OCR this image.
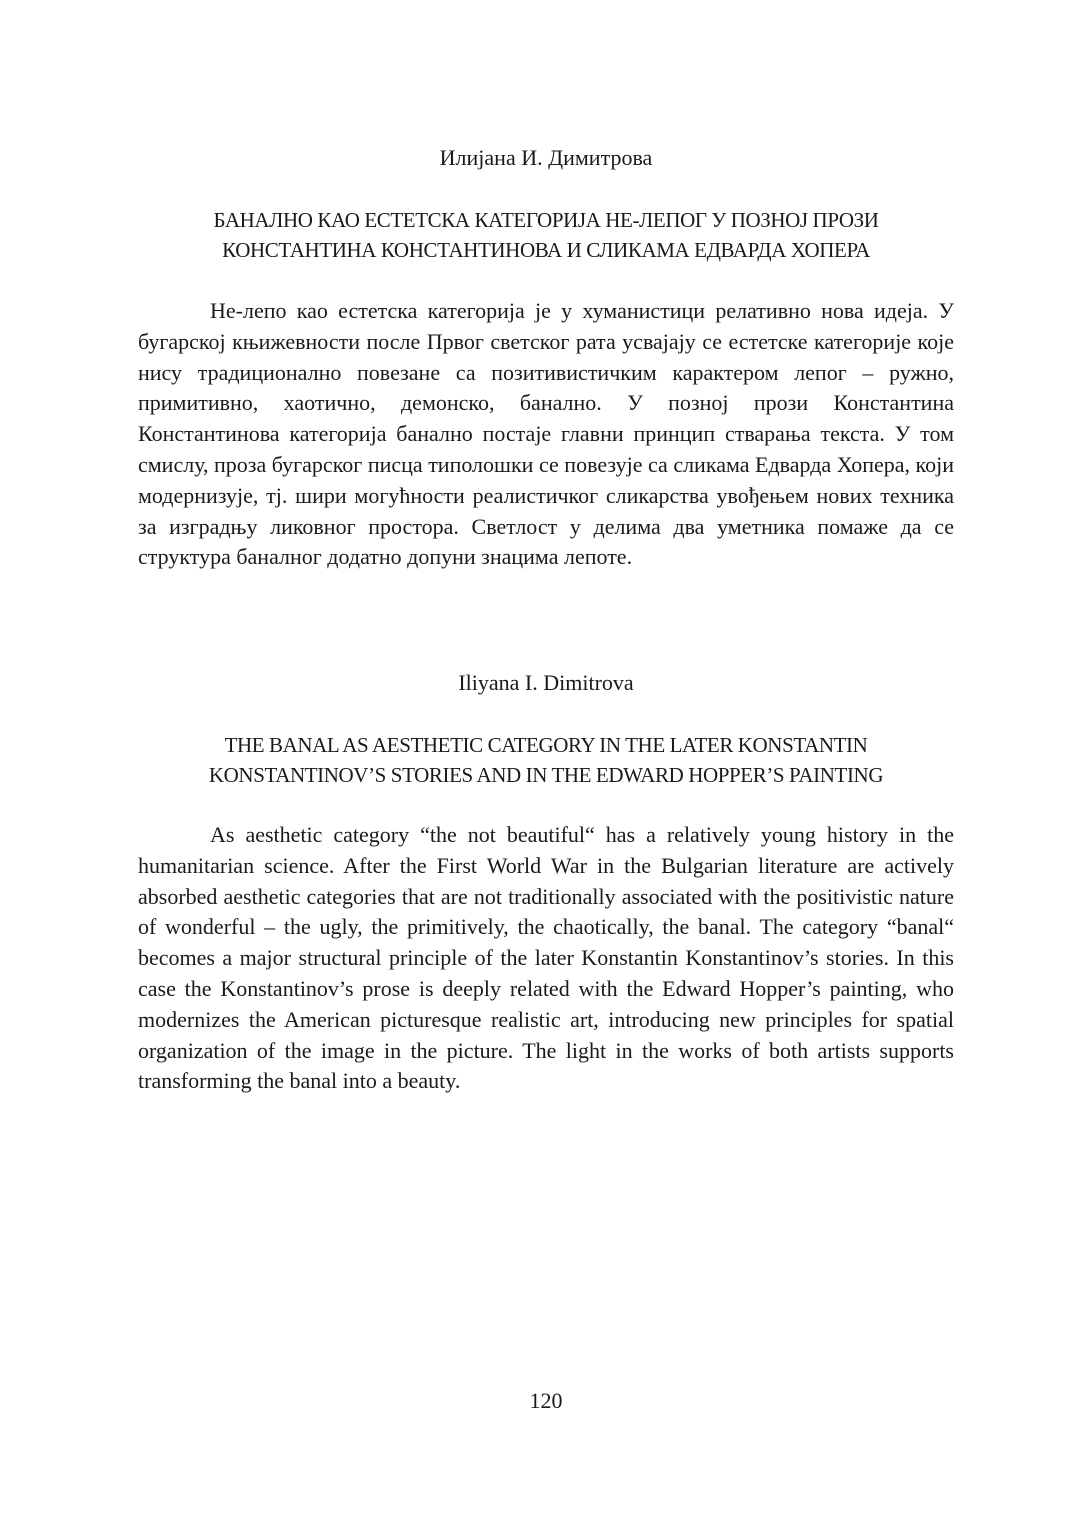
Илијана И. Димитрова
БАНАЛНО КАО ЕСТЕТСКА КАТЕГОРИЈА НЕ-ЛЕПОГ У ПОЗНОЈ ПРОЗИ
КОНСТАНТИНА КОНСТАНТИНОВА И СЛИКАМА ЕДВАРДА ХОПЕРА

Не-лепо као естетска категорија је у хуманистици релативно нова идеја. У бугарској књижевности после Првог светског рата усвајају се естетске категорије које нису традиционално повезане са позитивистичким карактером лепог – ружно, примитивно, хаотично, демонско, банално. У позној прози Константина Константинова категорија банално постаје главни принцип стварања текста. У том смислу, проза бугарског писца типолошки се повезује са сликама Едварда Хопера, који модернизује, тј. шири могућности реалистичког сликарства увођењем нових техника за изградњу ликовног простора. Светлост у делима два уметника помаже да се структура баналног додатно допуни знацима лепоте.

Iliyana I. Dimitrova
THE BANAL AS AESTHETIC CATEGORY IN THE LATER KONSTANTIN
KONSTANTINOV’S STORIES AND IN THE EDWARD HOPPER’S PAINTING

As aesthetic category “the not beautiful“ has a relatively young history in the humanitarian science. After the First World War in the Bulgarian literature are actively absorbed aesthetic categories that are not traditionally associated with the positivistic nature of wonderful – the ugly, the primitively, the chaotically, the banal. The category “banal“ becomes a major structural principle of the later Konstantin Konstantinov’s stories. In this case the Konstantinov’s prose is deeply related with the Edward Hopper’s painting, who modernizes the American picturesque realistic art, introducing new principles for spatial organization of the image in the picture. The light in the works of both artists supports transforming the banal into a beauty.

120
